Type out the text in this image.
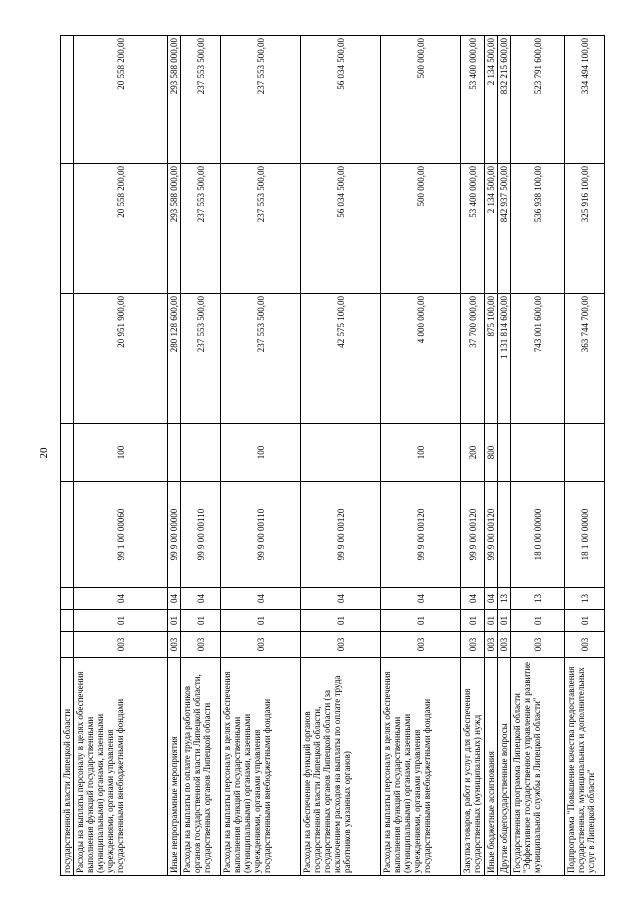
20
государственной власти Липецкой области								
Расходы на выплаты персоналу в целях обеспечения выполнения функций государственными (муниципальными) органами, казенными учреждениями, органами управления государственными внебюджетными фондами	003	01	04	99 1 00 00060	100	20 951 900,00	20 558 200,00	20 558 200,00
Иные непрограммные мероприятия	003	01	04	99 9 00 00000		280 128 600,00	293 588 000,00	293 588 000,00
Расходы на выплаты по оплате труда работников органов государственной власти Липецкой области, государственных органов Липецкой области	003	01	04	99 9 00 00110		237 553 500,00	237 553 500,00	237 553 500,00
Расходы на выплаты персоналу в целях обеспечения выполнения функций государственными (муниципальными) органами, казенными учреждениями, органами управления государственными внебюджетными фондами	003	01	04	99 9 00 00110	100	237 553 500,00	237 553 500,00	237 553 500,00
Расходы на обеспечение функций органов государственной власти Липецкой области, государственных органов Липецкой области (за исключением расходов на выплаты по оплате труда работников указанных органов)	003	01	04	99 9 00 00120		42 575 100,00	56 034 500,00	56 034 500,00
Расходы на выплаты персоналу в целях обеспечения выполнения функций государственными (муниципальными) органами, казенными учреждениями, органами управления государственными внебюджетными фондами	003	01	04	99 9 00 00120	100	4 000 000,00	500 000,00	500 000,00
Закупка товаров, работ и услуг для обеспечения государственных (муниципальных) нужд	003	01	04	99 9 00 00120	200	37 700 000,00	53 400 000,00	53 400 000,00
Иные бюджетные ассигнования	003	01	04	99 9 00 00120	800	875 100,00	2 134 500,00	2 134 500,00
Другие общегосударственные вопросы	003	01	13			1 131 814 600,00	842 937 500,00	832 215 600,00
Государственная программа Липецкой области "Эффективное государственное управление и развитие муниципальной службы в Липецкой области"	003	01	13	18 0 00 00000		743 001 600,00	536 938 100,00	523 791 600,00
Подпрограмма "Повышение качества предоставления государственных, муниципальных и дополнительных услуг в Липецкой области"	003	01	13	18 1 00 00000		363 744 700,00	325 916 100,00	334 494 100,00
